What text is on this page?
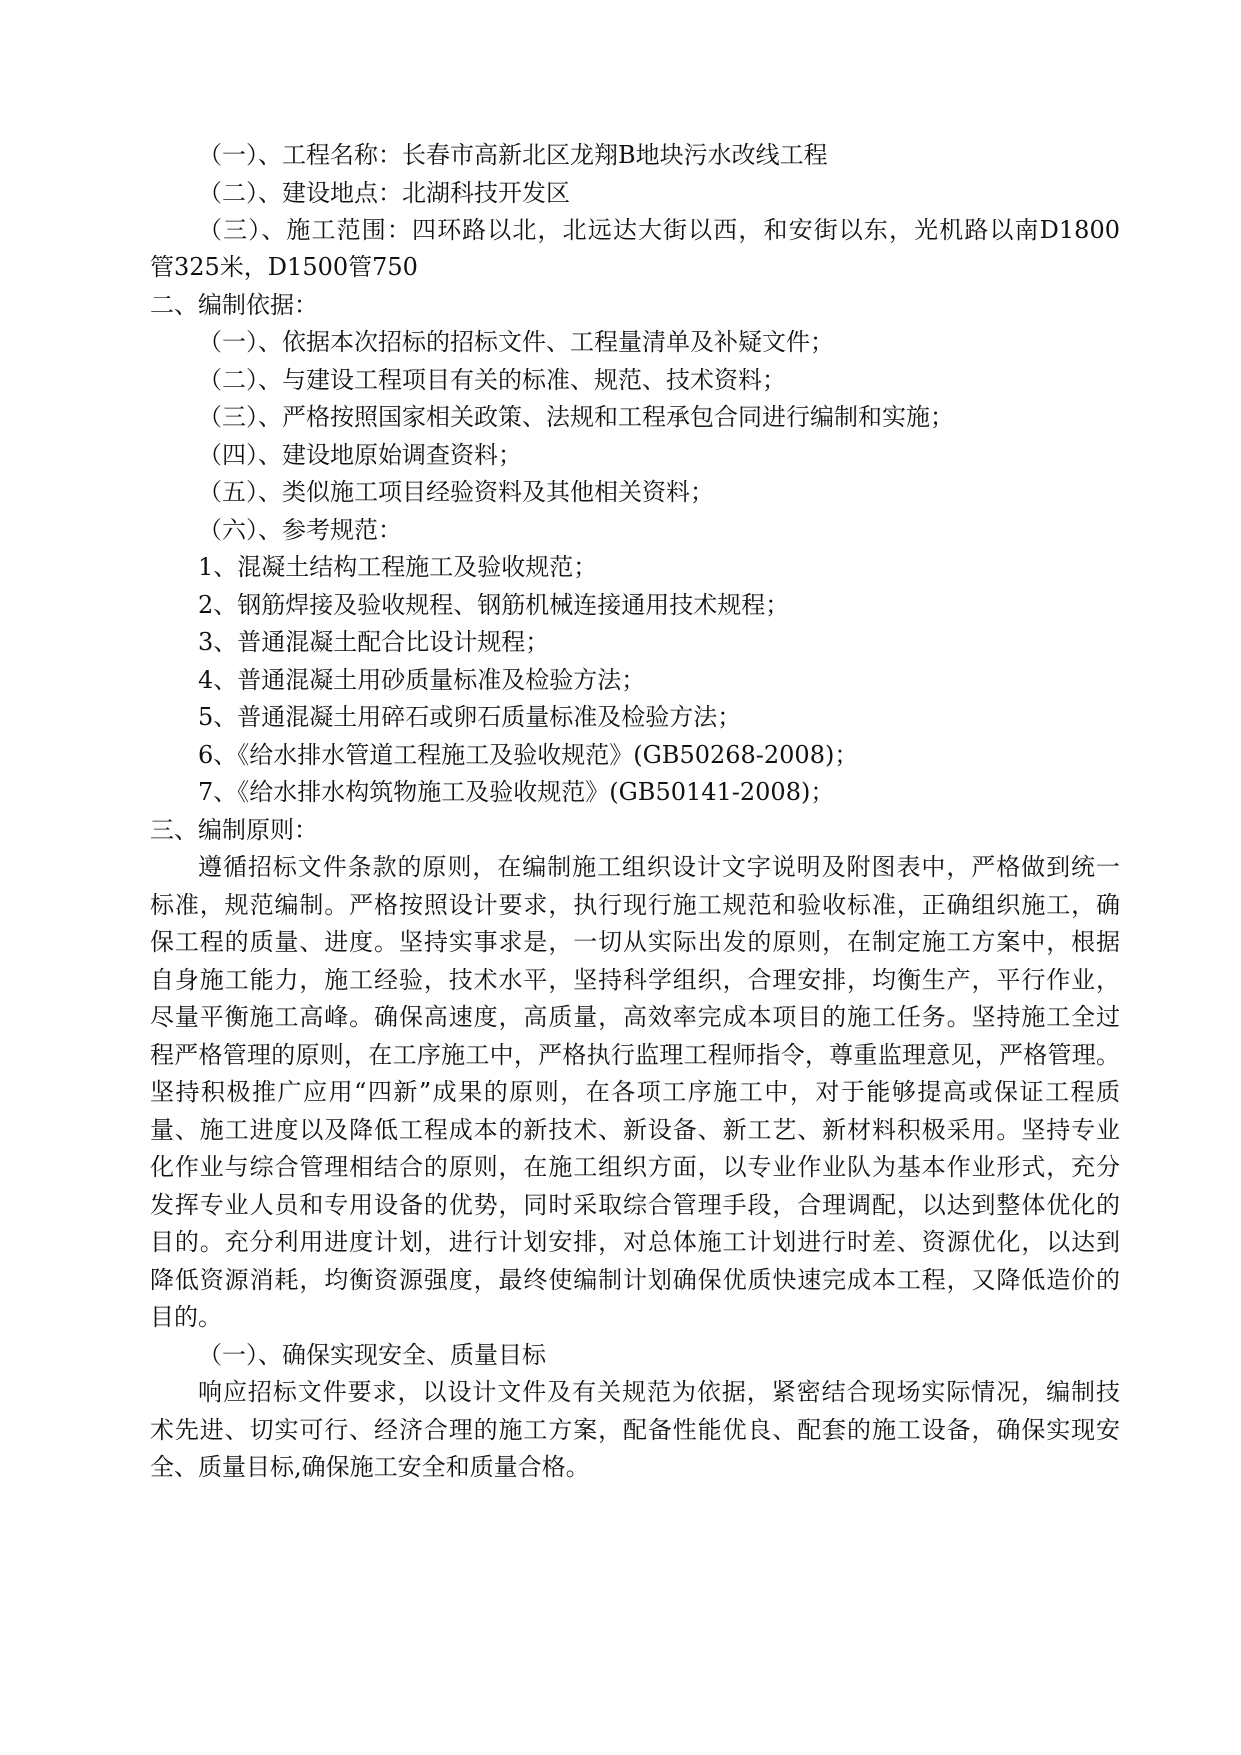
（一）、工程名称：长春市高新北区龙翔B地块污水改线工程

（二）、建设地点：北湖科技开发区

（三）、施工范围：四环路以北，北远达大街以西，和安街以东，光机路以南D1800

管325米，D1500管750

二、编制依据：

（一）、依据本次招标的招标文件、工程量清单及补疑文件；

（二）、与建设工程项目有关的标准、规范、技术资料；

（三）、严格按照国家相关政策、法规和工程承包合同进行编制和实施；

（四）、建设地原始调查资料；

（五）、类似施工项目经验资料及其他相关资料；

（六）、参考规范：

1、混凝土结构工程施工及验收规范；

2、钢筋焊接及验收规程、钢筋机械连接通用技术规程；

3、普通混凝土配合比设计规程；

4、普通混凝土用砂质量标准及检验方法；

5、普通混凝土用碎石或卵石质量标准及检验方法；

6、《给水排水管道工程施工及验收规范》(GB50268-2008)；

7、《给水排水构筑物施工及验收规范》(GB50141-2008)；

三、编制原则：

遵循招标文件条款的原则，在编制施工组织设计文字说明及附图表中，严格做到统一

标准，规范编制。严格按照设计要求，执行现行施工规范和验收标准，正确组织施工，确

保工程的质量、进度。坚持实事求是，一切从实际出发的原则，在制定施工方案中，根据

自身施工能力，施工经验，技术水平，坚持科学组织，合理安排，均衡生产，平行作业，

尽量平衡施工高峰。确保高速度，高质量，高效率完成本项目的施工任务。坚持施工全过

程严格管理的原则，在工序施工中，严格执行监理工程师指令，尊重监理意见，严格管理。

坚持积极推广应用“四新”成果的原则，在各项工序施工中，对于能够提高或保证工程质

量、施工进度以及降低工程成本的新技术、新设备、新工艺、新材料积极采用。坚持专业

化作业与综合管理相结合的原则，在施工组织方面，以专业作业队为基本作业形式，充分

发挥专业人员和专用设备的优势，同时采取综合管理手段，合理调配，以达到整体优化的

目的。充分利用进度计划，进行计划安排，对总体施工计划进行时差、资源优化，以达到

降低资源消耗，均衡资源强度，最终使编制计划确保优质快速完成本工程，又降低造价的

目的。

（一）、确保实现安全、质量目标

响应招标文件要求，以设计文件及有关规范为依据，紧密结合现场实际情况，编制技

术先进、切实可行、经济合理的施工方案，配备性能优良、配套的施工设备，确保实现安

全、质量目标,确保施工安全和质量合格。
